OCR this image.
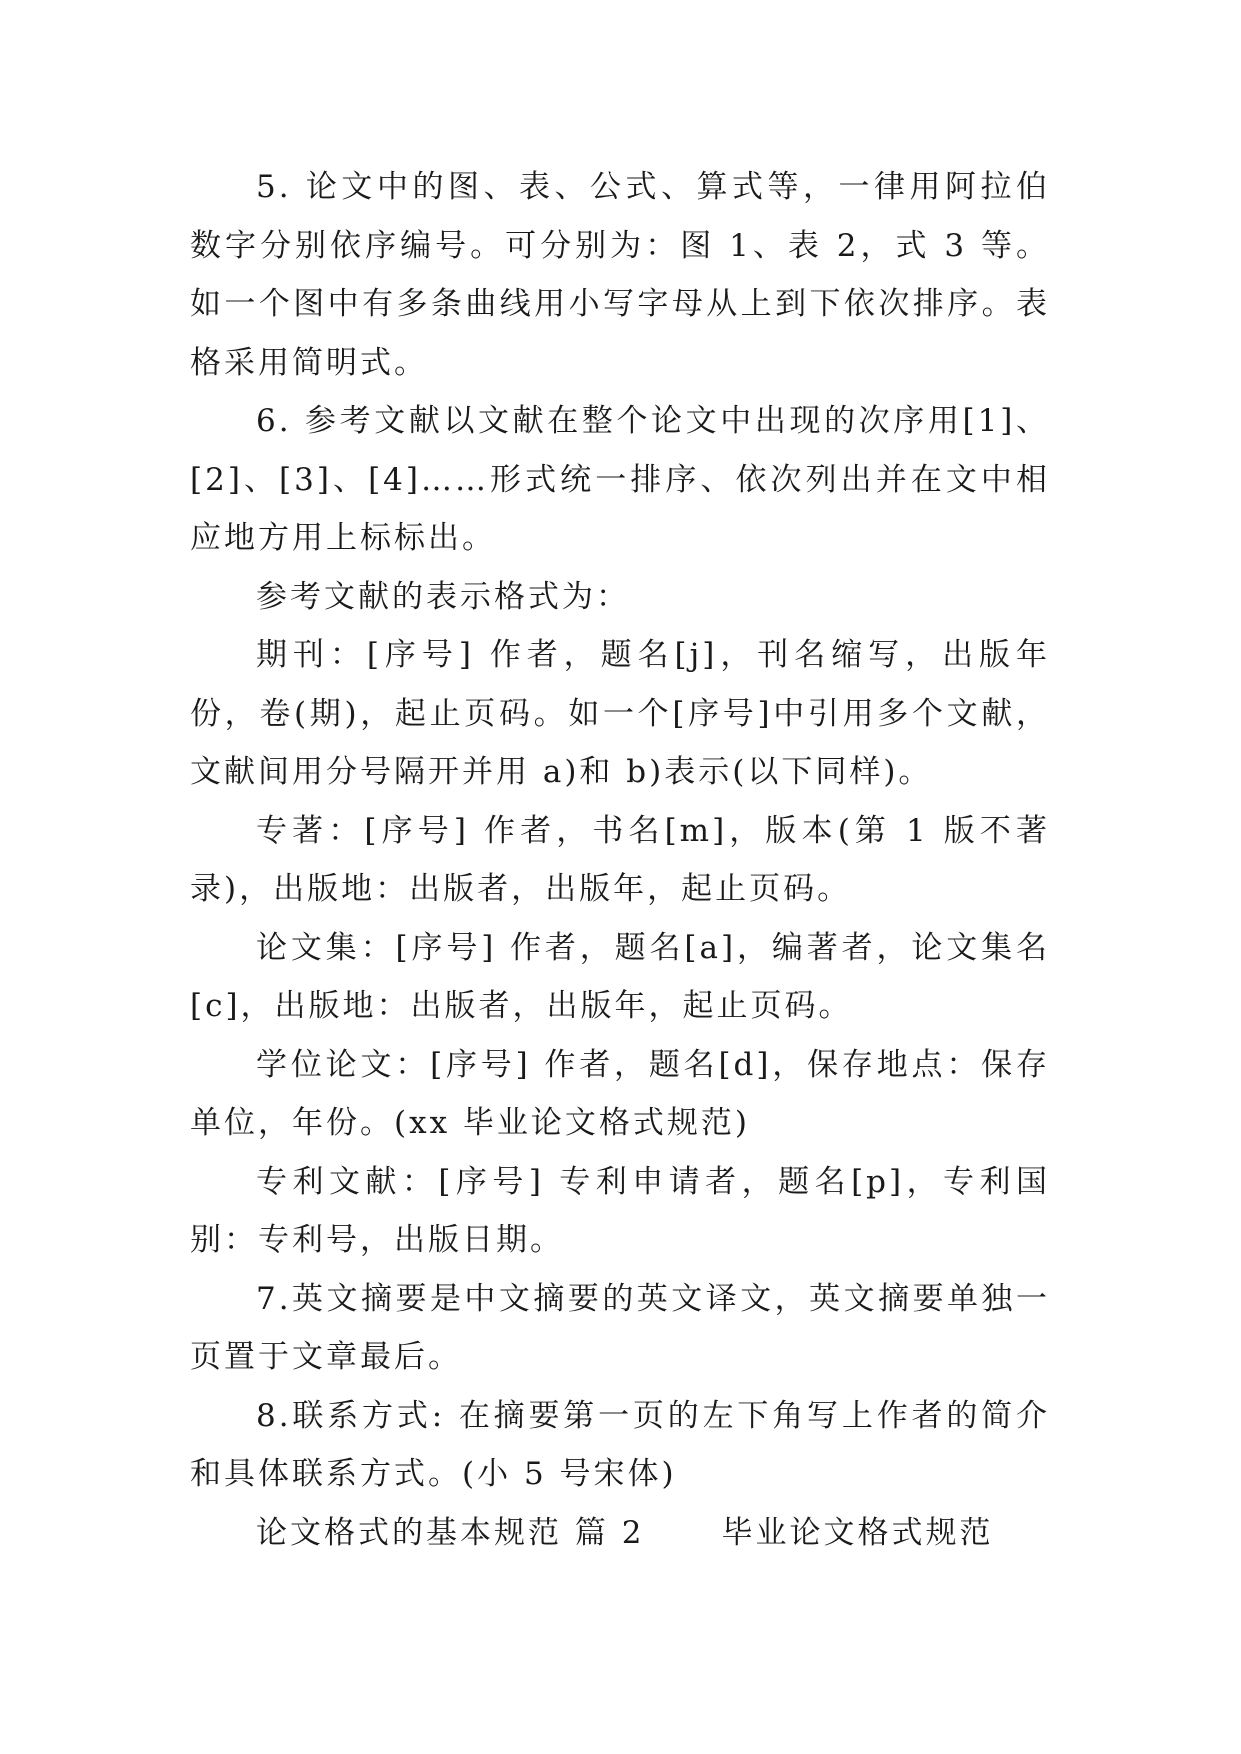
5. 论文中的图、表、公式、算式等，一律用阿拉伯数字分别依序编号。可分别为：图 1、表 2，式 3 等。如一个图中有多条曲线用小写字母从上到下依次排序。表格采用简明式。

6. 参考文献以文献在整个论文中出现的次序用[1]、[2]、[3]、[4]……形式统一排序、依次列出并在文中相应地方用上标标出。

参考文献的表示格式为：

期刊：[序号] 作者，题名[j]，刊名缩写，出版年份，卷(期)，起止页码。如一个[序号]中引用多个文献，文献间用分号隔开并用 a)和 b)表示(以下同样)。

专著：[序号] 作者，书名[m]，版本(第 1 版不著录)，出版地：出版者，出版年，起止页码。

论文集：[序号] 作者，题名[a]，编著者，论文集名[c]，出版地：出版者，出版年，起止页码。

学位论文：[序号] 作者，题名[d]，保存地点：保存单位，年份。(xx 毕业论文格式规范)

专利文献：[序号] 专利申请者，题名[p]，专利国别：专利号，出版日期。

7.英文摘要是中文摘要的英文译文，英文摘要单独一页置于文章最后。

8.联系方式: 在摘要第一页的左下角写上作者的简介和具体联系方式。(小 5 号宋体)

论文格式的基本规范 篇 2      毕业论文格式规范
